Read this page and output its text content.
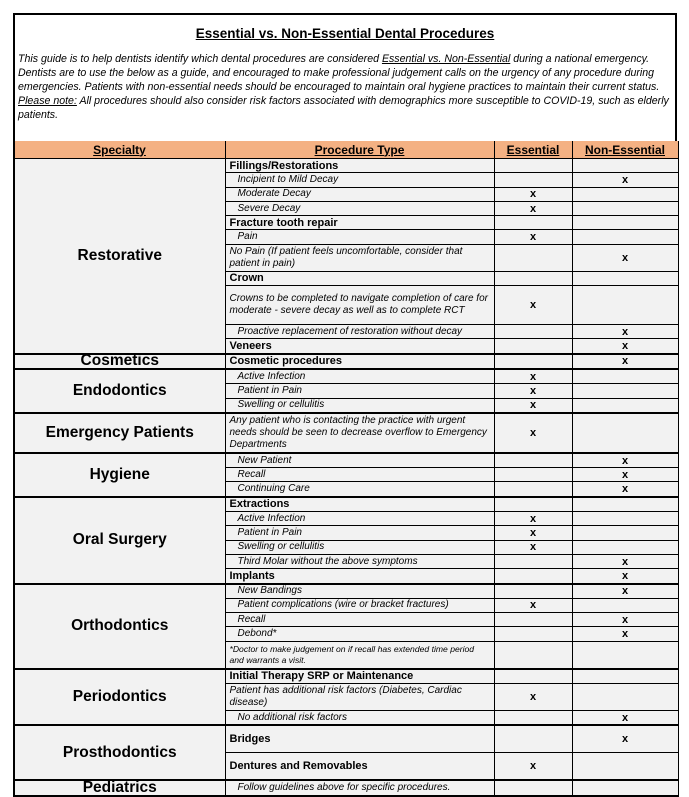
Essential vs. Non-Essential Dental Procedures
This guide is to help dentists identify which dental procedures are considered Essential vs. Non-Essential during a national emergency. Dentists are to use the below as a guide, and encouraged to make professional judgement calls on the urgency of any procedure during emergencies. Patients with non-essential needs should be encouraged to maintain oral hygiene practices to maintain their current status. Please note: All procedures should also consider risk factors associated with demographics more susceptible to COVID-19, such as elderly patients.
Specialty	Procedure Type	Essential	Non-Essential
Restorative	Fillings/Restorations		
	Incipient to Mild Decay		x
	Moderate Decay	x	
	Severe Decay	x	
	Fracture tooth repair		
	Pain	x	
	No Pain (If patient feels uncomfortable, consider that patient in pain)		x
	Crown		
	Crowns to be completed to navigate completion of care for moderate - severe decay as well as to complete RCT	x	
	Proactive replacement of restoration without decay		x
	Veneers		x
Cosmetics	Cosmetic procedures		x
Endodontics	Active Infection	x	
	Patient in Pain	x	
	Swelling or cellulitis	x	
Emergency Patients	Any patient who is contacting the practice with urgent needs should be seen to decrease overflow to Emergency Departments	x	
Hygiene	New Patient		x
	Recall		x
	Continuing Care		x
Oral Surgery	Extractions		
	Active Infection	x	
	Patient in Pain	x	
	Swelling or cellulitis	x	
	Third Molar without the above symptoms		x
	Implants		x
Orthodontics	New Bandings		x
	Patient complications (wire or bracket fractures)	x	
	Recall		x
	Debond*		x
	*Doctor to make judgement on if recall has extended time period and warrants a visit.		
Periodontics	Initial Therapy SRP or Maintenance		
	Patient has additional risk factors (Diabetes, Cardiac disease)	x	
	No additional risk factors		x
Prosthodontics	Bridges		x
	Dentures and Removables	x	
Pediatrics	Follow guidelines above for specific procedures.		
